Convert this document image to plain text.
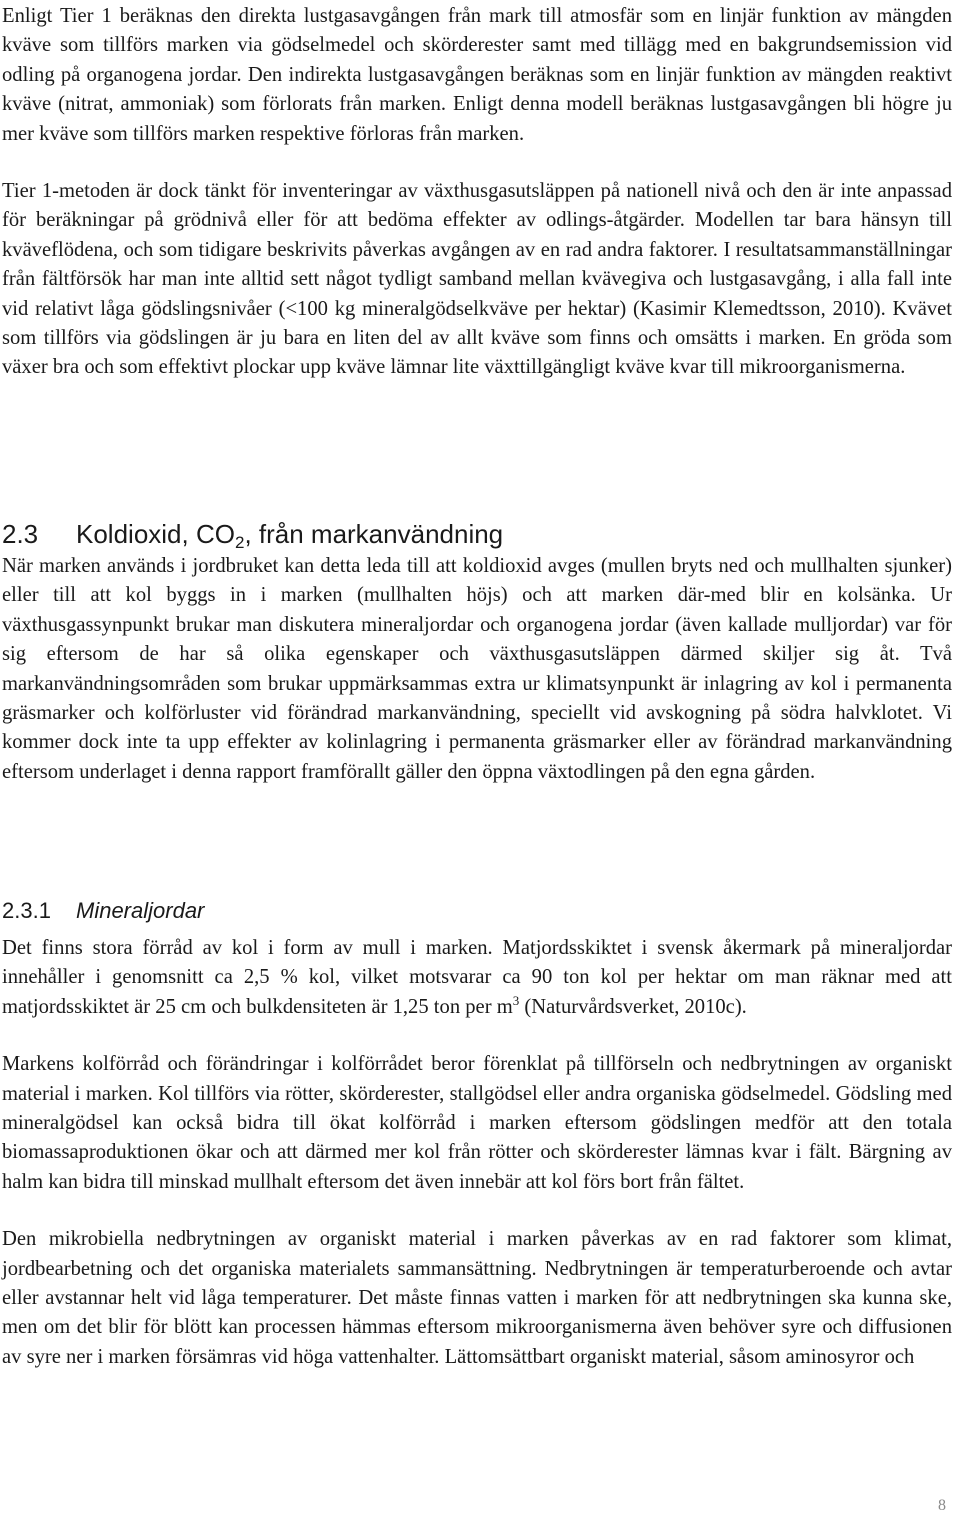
Enligt Tier 1 beräknas den direkta lustgasavgången från mark till atmosfär som en linjär funktion av mängden kväve som tillförs marken via gödselmedel och skörderester samt med tillägg med en bakgrundsemission vid odling på organogena jordar. Den indirekta lustgasavgången beräknas som en linjär funktion av mängden reaktivt kväve (nitrat, ammoniak) som förlorats från marken. Enligt denna modell beräknas lustgasavgången bli högre ju mer kväve som tillförs marken respektive förloras från marken.

Tier 1-metoden är dock tänkt för inventeringar av växthusgasutsläppen på nationell nivå och den är inte anpassad för beräkningar på grödnivå eller för att bedöma effekter av odlings-åtgärder. Modellen tar bara hänsyn till kväveflödena, och som tidigare beskrivits påverkas avgången av en rad andra faktorer. I resultatsammanställningar från fältförsök har man inte alltid sett något tydligt samband mellan kvävegiva och lustgasavgång, i alla fall inte vid relativt låga gödslingsnivåer (<100 kg mineralgödselkväve per hektar) (Kasimir Klemedtsson, 2010). Kvävet som tillförs via gödslingen är ju bara en liten del av allt kväve som finns och omsätts i marken. En gröda som växer bra och som effektivt plockar upp kväve lämnar lite växttillgängligt kväve kvar till mikroorganismerna.

2.3 Koldioxid, $CO_2$, från markanvändning

När marken används i jordbruket kan detta leda till att koldioxid avges (mullen bryts ned och mullhalten sjunker) eller till att kol byggs in i marken (mullhalten höjs) och att marken där-med blir en kolsänka. Ur växthusgassynpunkt brukar man diskutera mineraljordar och organogena jordar (även kallade mulljordar) var för sig eftersom de har så olika egenskaper och växthusgasutsläppen därmed skiljer sig åt. Två markanvändningsområden som brukar uppmärksammas extra ur klimatsynpunkt är inlagring av kol i permanenta gräsmarker och kolförluster vid förändrad markanvändning, speciellt vid avskogning på södra halvklotet. Vi kommer dock inte ta upp effekter av kolinlagring i permanenta gräsmarker eller av förändrad markanvändning eftersom underlaget i denna rapport framförallt gäller den öppna växtodlingen på den egna gården.

2.3.1 Mineraljordar

Det finns stora förråd av kol i form av mull i marken. Matjordsskiktet i svensk åkermark på mineraljordar innehåller i genomsnitt ca 2,5 % kol, vilket motsvarar ca 90 ton kol per hektar om man räknar med att matjordsskiktet är 25 cm och bulkdensiteten är 1,25 ton per $m^3$ (Naturvårdsverket, 2010c).

Markens kolförråd och förändringar i kolförrådet beror förenklat på tillförseln och nedbrytningen av organiskt material i marken. Kol tillförs via rötter, skörderester, stallgödsel eller andra organiska gödselmedel. Gödsling med mineralgödsel kan också bidra till ökat kolförråd i marken eftersom gödslingen medför att den totala biomassaproduktionen ökar och att därmed mer kol från rötter och skörderester lämnas kvar i fält. Bärgning av halm kan bidra till minskad mullhalt eftersom det även innebär att kol förs bort från fältet.

Den mikrobiella nedbrytningen av organiskt material i marken påverkas av en rad faktorer som klimat, jordbearbetning och det organiska materialets sammansättning. Nedbrytningen är temperaturberoende och avtar eller avstannar helt vid låga temperaturer. Det måste finnas vatten i marken för att nedbrytningen ska kunna ske, men om det blir för blött kan processen hämmas eftersom mikroorganismerna även behöver syre och diffusionen av syre ner i marken försämras vid höga vattenhalter. Lättomsättbart organiskt material, såsom aminosyror och

8
